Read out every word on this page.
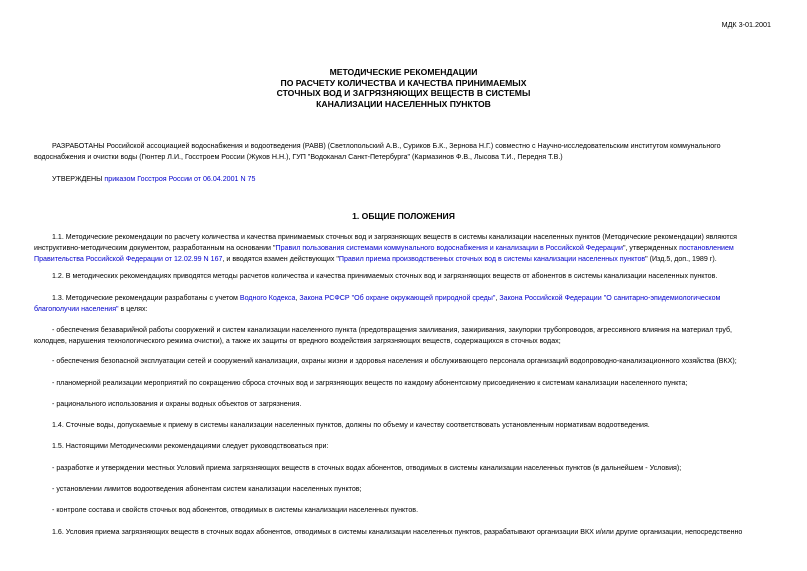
МДК 3-01.2001
МЕТОДИЧЕСКИЕ РЕКОМЕНДАЦИИ
ПО РАСЧЕТУ КОЛИЧЕСТВА И КАЧЕСТВА ПРИНИМАЕМЫХ
СТОЧНЫХ ВОД И ЗАГРЯЗНЯЮЩИХ ВЕЩЕСТВ В СИСТЕМЫ
КАНАЛИЗАЦИИ НАСЕЛЕННЫХ ПУНКТОВ
РАЗРАБОТАНЫ Российской ассоциацией водоснабжения и водоотведения (РАВВ) (Светлопольский А.В., Суриков Б.К., Зернова Н.Г.) совместно с Научно-исследовательским институтом коммунального
водоснабжения и очистки воды (Гюнтер Л.И., Госстроем России (Жуков Н.Н.), ГУП "Водоканал Санкт-Петербурга" (Кармазинов Ф.В., Лысова Т.И., Передня Т.В.)
УТВЕРЖДЕНЫ приказом Госстроя России от 06.04.2001 N 75
1. ОБЩИЕ ПОЛОЖЕНИЯ
1.1. Методические рекомендации по расчету количества и качества принимаемых сточных вод и загрязняющих веществ в системы канализации населенных пунктов (Методические рекомендации) являются
инструктивно-методическим документом, разработанным на основании "Правил пользования системами коммунального водоснабжения и канализации в Российской Федерации", утвержденных постановлением
Правительства Российской Федерации от 12.02.99 N 167, и вводятся взамен действующих "Правил приема производственных сточных вод в системы канализации населенных пунктов" (Изд.5, доп., 1989 г).
1.2. В методических рекомендациях приводятся методы расчетов количества и качества принимаемых сточных вод и загрязняющих веществ от абонентов в системы канализации населенных пунктов.
1.3. Методические рекомендации разработаны с учетом Водного Кодекса, Закона РСФСР "Об охране окружающей природной среды", Закона Российской Федерации "О санитарно-эпидемиологическом
благополучии населения" в целях:
- обеспечения безаварийной работы сооружений и систем канализации населенного пункта (предотвращения заиливания, зажиривания, закупорки трубопроводов, агрессивного влияния на материал труб,
колодцев, нарушения технологического режима очистки), а также их защиты от вредного воздействия загрязняющих веществ, содержащихся в сточных водах;
- обеспечения безопасной эксплуатации сетей и сооружений канализации, охраны жизни и здоровья населения и обслуживающего персонала организаций водопроводно-канализационного хозяйства (ВКХ);
- планомерной реализации мероприятий по сокращению сброса сточных вод и загрязняющих веществ по каждому абонентскому присоединению к системам канализации населенного пункта;
- рационального использования и охраны водных объектов от загрязнения.
1.4. Сточные воды, допускаемые к приему в системы канализации населенных пунктов, должны по объему и качеству соответствовать установленным нормативам водоотведения.
1.5. Настоящими Методическими рекомендациями следует руководствоваться при:
- разработке и утверждении местных Условий приема загрязняющих веществ в сточных водах абонентов, отводимых в системы канализации населенных пунктов (в дальнейшем - Условия);
- установлении лимитов водоотведения абонентам систем канализации населенных пунктов;
- контроле состава и свойств сточных вод абонентов, отводимых в системы канализации населенных пунктов.
1.6. Условия приема загрязняющих веществ в сточных водах абонентов, отводимых в системы канализации населенных пунктов, разрабатывают организации ВКХ и/или другие организации, непосредственно
